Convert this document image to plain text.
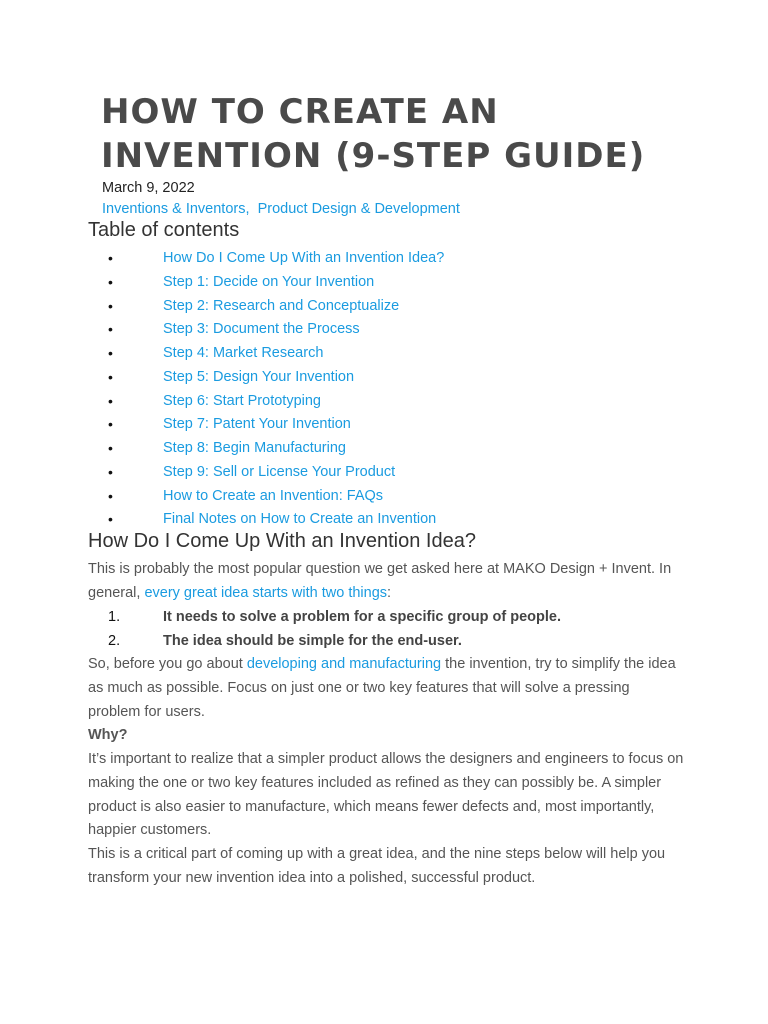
HOW TO CREATE AN INVENTION (9-STEP GUIDE)
March 9, 2022
Inventions & Inventors, Product Design & Development
Table of contents
•	How Do I Come Up With an Invention Idea?
•	Step 1: Decide on Your Invention
•	Step 2: Research and Conceptualize
•	Step 3: Document the Process
•	Step 4: Market Research
•	Step 5: Design Your Invention
•	Step 6: Start Prototyping
•	Step 7: Patent Your Invention
•	Step 8: Begin Manufacturing
•	Step 9: Sell or License Your Product
•	How to Create an Invention: FAQs
•	Final Notes on How to Create an Invention
How Do I Come Up With an Invention Idea?

This is probably the most popular question we get asked here at MAKO Design + Invent. In general, every great idea starts with two things:

1.	It needs to solve a problem for a specific group of people.
2.	The idea should be simple for the end-user.

So, before you go about developing and manufacturing the invention, try to simplify the idea as much as possible. Focus on just one or two key features that will solve a pressing problem for users.

Why?

It’s important to realize that a simpler product allows the designers and engineers to focus on making the one or two key features included as refined as they can possibly be. A simpler product is also easier to manufacture, which means fewer defects and, most importantly, happier customers.

This is a critical part of coming up with a great idea, and the nine steps below will help you transform your new invention idea into a polished, successful product.
